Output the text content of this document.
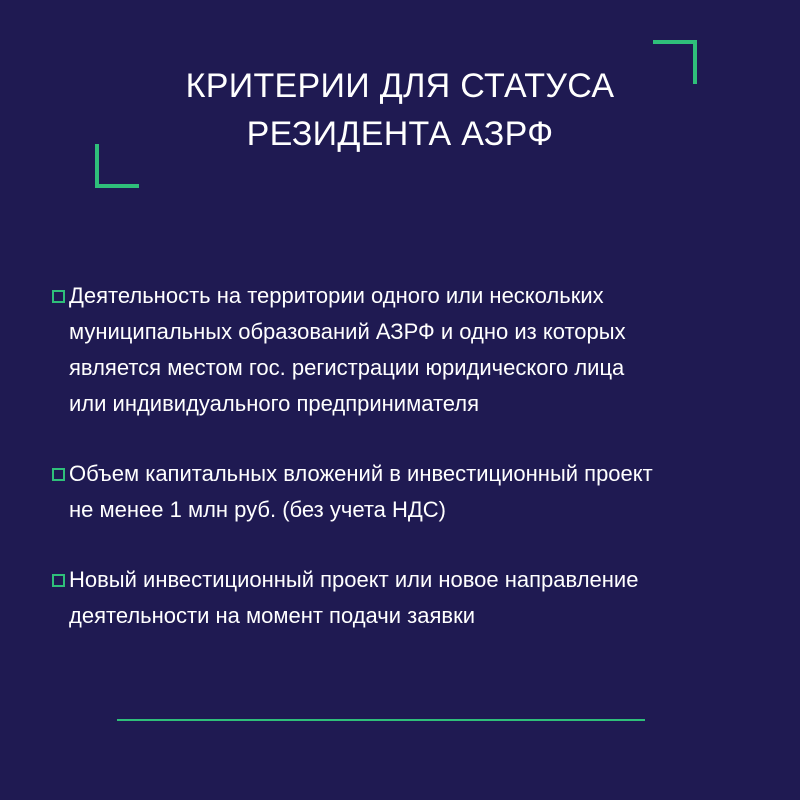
КРИТЕРИИ ДЛЯ СТАТУСА
РЕЗИДЕНТА АЗРФ
Деятельность на территории одного или нескольких
муниципальных образований АЗРФ и одно из которых
является местом гос. регистрации юридического лица
или индивидуального предпринимателя
Объем капитальных вложений в инвестиционный проект
не менее 1 млн руб. (без учета НДС)
Новый инвестиционный проект или новое направление
деятельности на момент подачи заявки
